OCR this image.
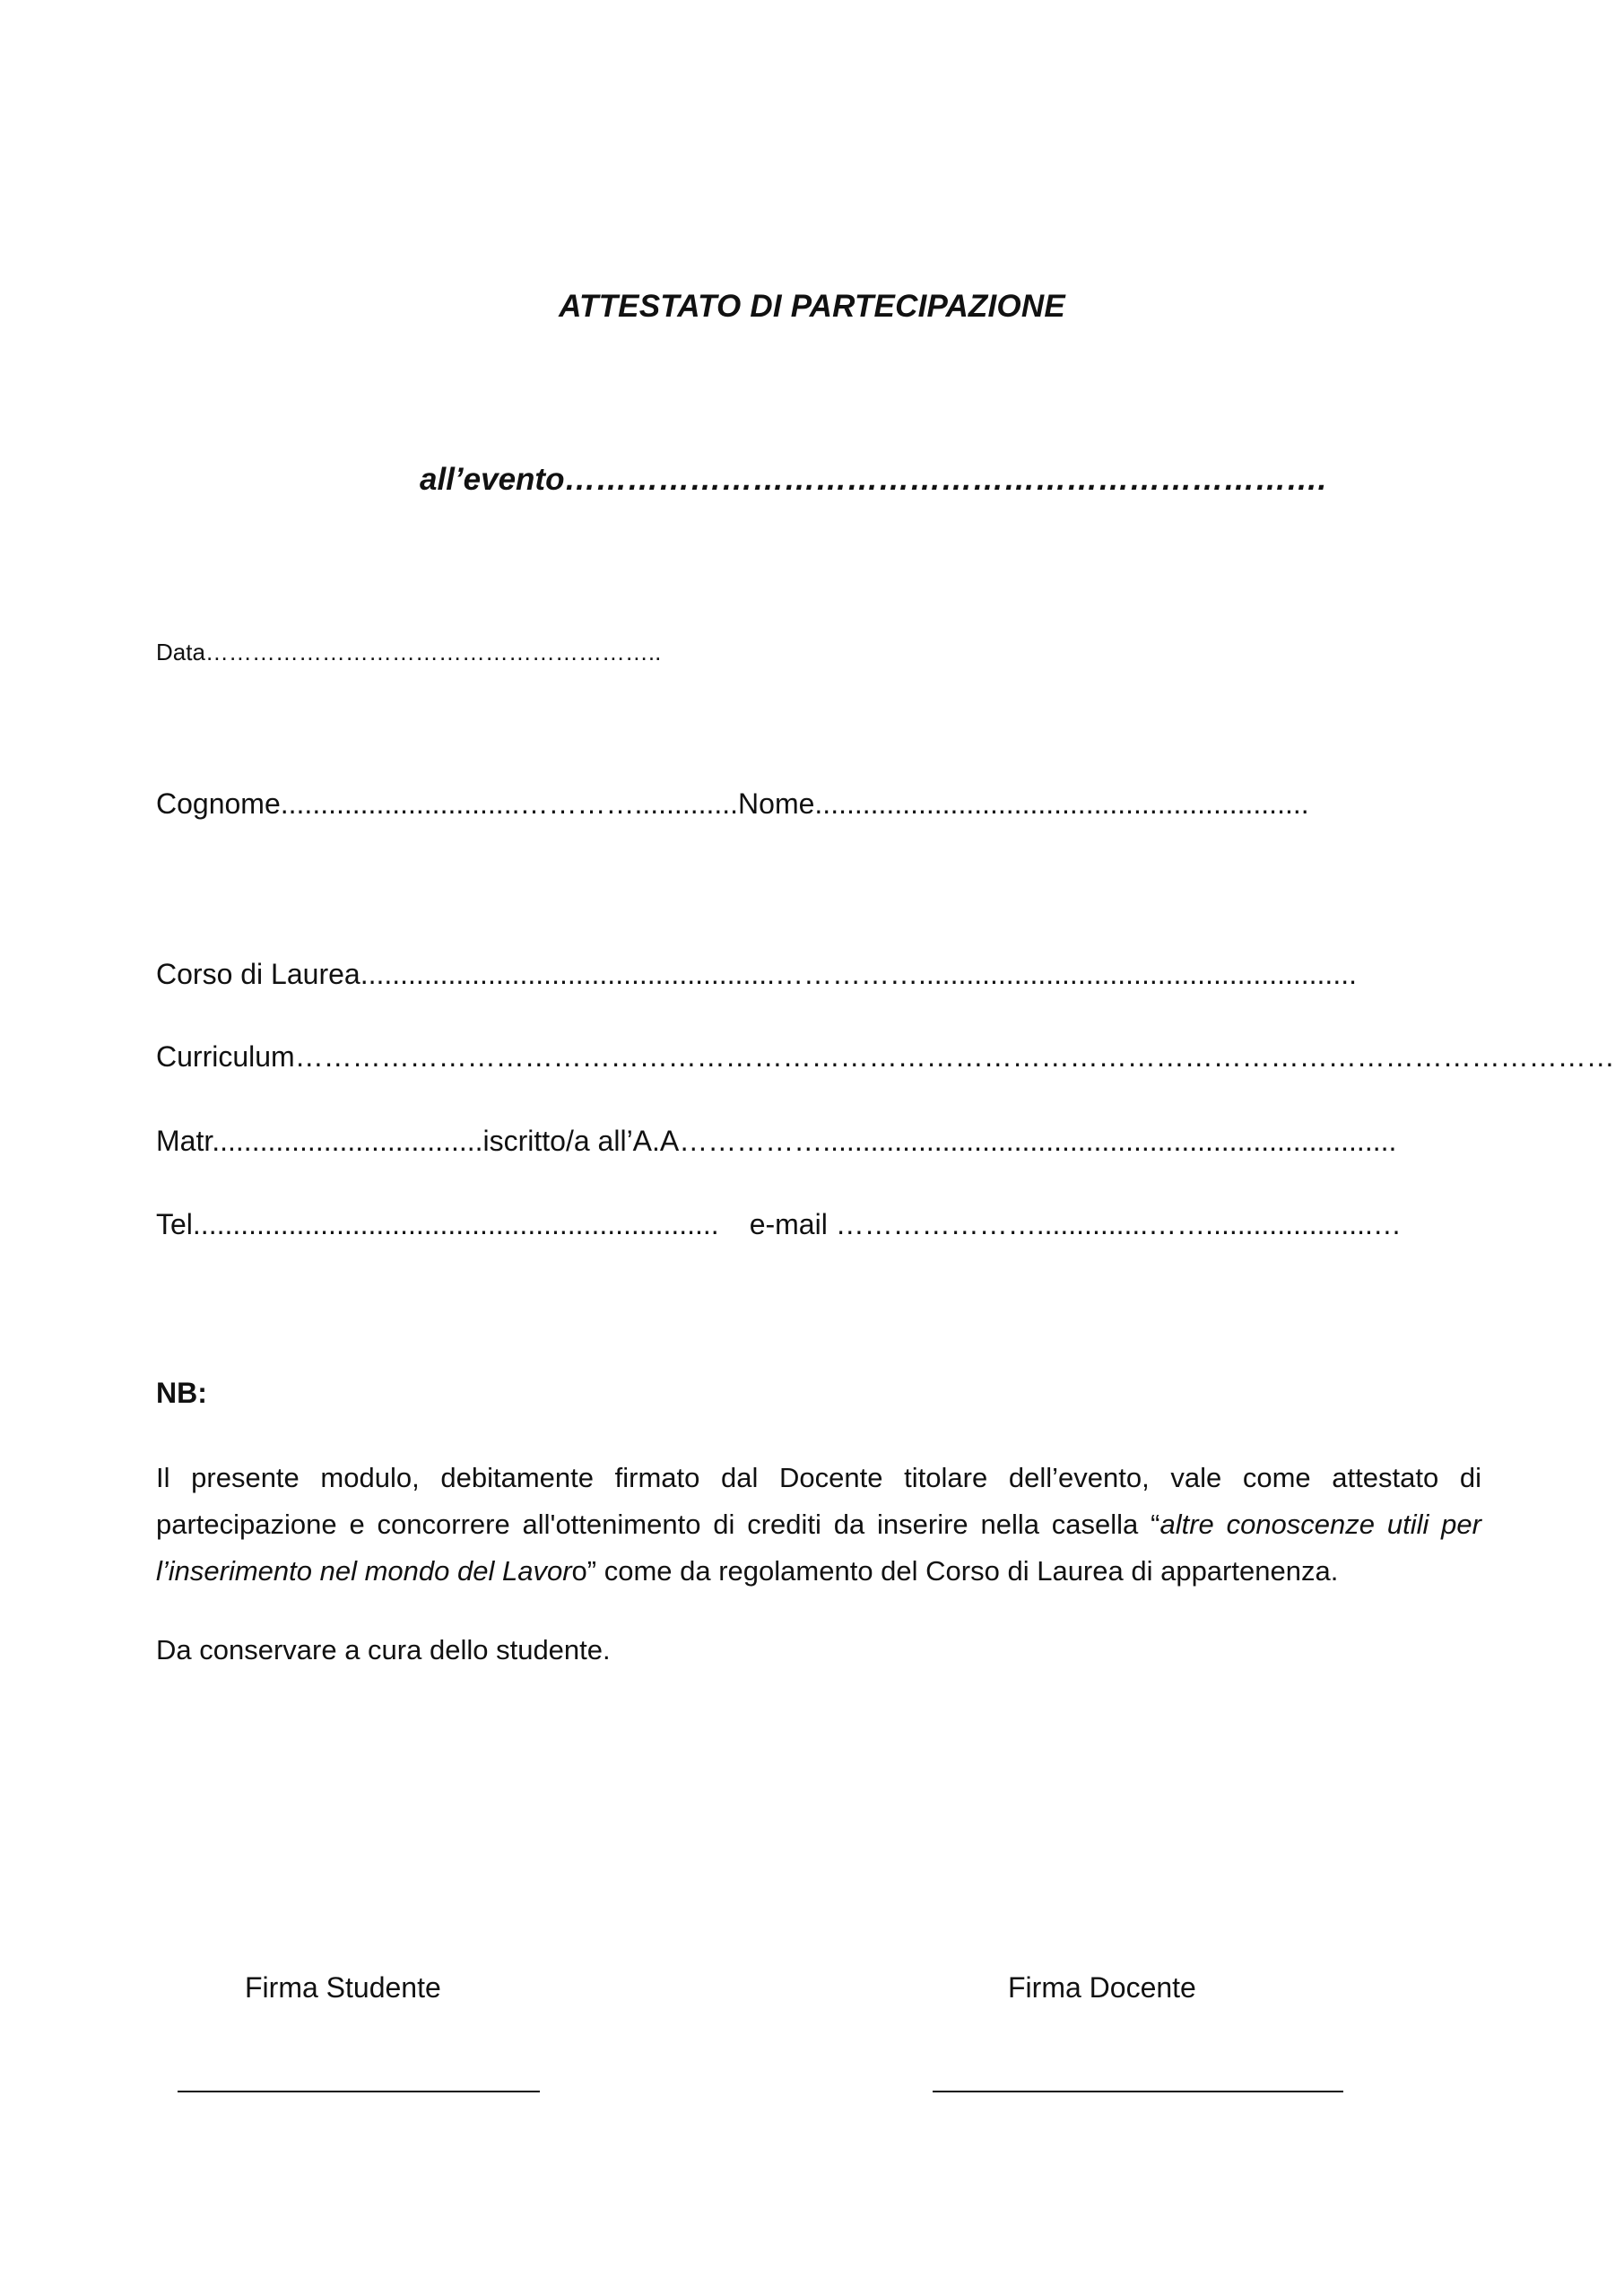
ATTESTATO DI PARTECIPAZIONE
all’evento……………………………………………………………….
Data…………………………………………………..
Cognome..............................………….............Nome..............................................................
Corso di Laurea....................................................…………….......................................................
Curriculum…………………………………………………………………………………………………………………………
Matr..................................iscritto/a all’A.A……………........................................................................
Tel.................................................................. e-mail …………………..............…….....................…
NB:
Il presente modulo, debitamente firmato dal Docente titolare dell’evento, vale come attestato di partecipazione e concorrere all'ottenimento di crediti da inserire nella casella “altre conoscenze utili per l’inserimento nel mondo del Lavoro” come da regolamento del Corso di Laurea di appartenenza.
Da conservare a cura dello studente.
Firma Studente	Firma Docente
